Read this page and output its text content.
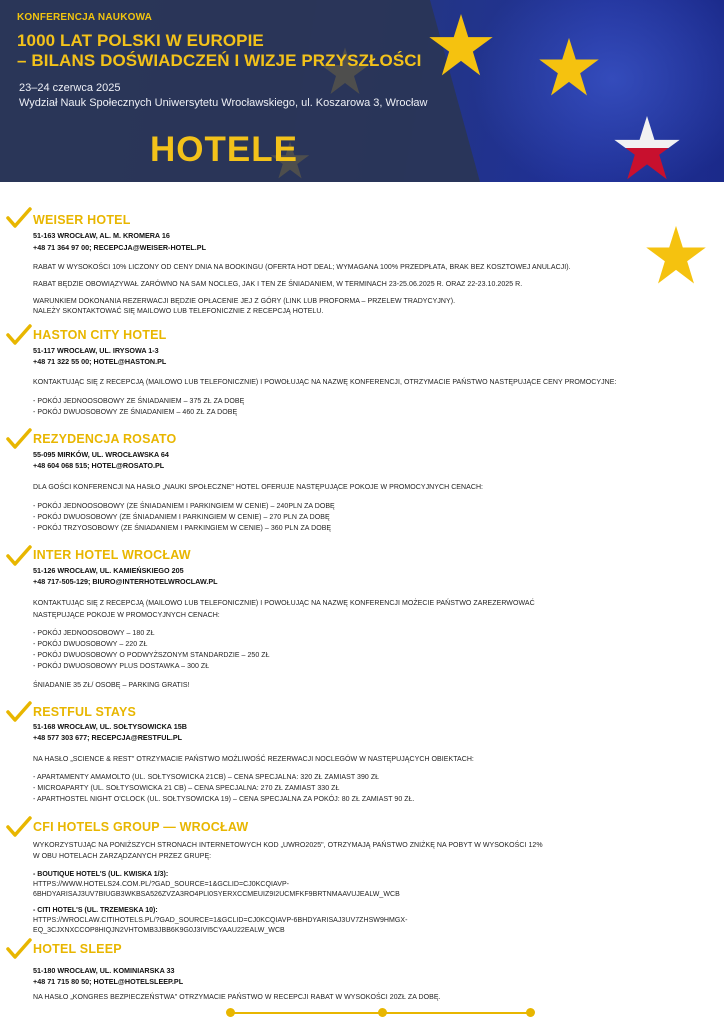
KONFERENCJA NAUKOWA
1000 LAT POLSKI W EUROPIE
– BILANS DOŚWIADCZEŃ I WIZJE PRZYSZŁOŚCI
23–24 czerwca 2025
Wydział Nauk Społecznych Uniwersytetu Wrocławskiego, ul. Koszarowa 3, Wrocław
HOTELE
WEISER HOTEL
51-163 WROCŁAW, AL. M. KROMERA 16
+48 71 364 97 00; RECEPCJA@WEISER-HOTEL.PL
RABAT W WYSOKOŚCI 10% LICZONY OD CENY DNIA NA BOOKINGU (OFERTA HOT DEAL; WYMAGANA 100% PRZEDPŁATA, BRAK BEZ KOSZTOWEJ ANULACJI).
RABAT BĘDZIE OBOWIĄZYWAŁ ZARÓWNO NA SAM NOCLEG, JAK I TEN ZE ŚNIADANIEM, W TERMINACH 23-25.06.2025 R. ORAZ 22-23.10.2025 R.
WARUNKIEM DOKONANIA REZERWACJI BĘDZIE OPŁACENIE JEJ Z GÓRY (LINK LUB PROFORMA – PRZELEW TRADYCYJNY).
NALEŻY SKONTAKTOWAĆ SIĘ MAILOWO LUB TELEFONICZNIE Z RECEPCJĄ HOTELU.
HASTON CITY HOTEL
51-117 WROCŁAW, UL. IRYSOWA 1-3
+48 71 322 55 00; HOTEL@HASTON.PL
KONTAKTUJĄC SIĘ Z RECEPCJĄ (MAILOWO LUB TELEFONICZNIE) I POWOŁUJĄC NA NAZWĘ KONFERENCJI, OTRZYMACIE PAŃSTWO NASTĘPUJĄCE CENY PROMOCYJNE:
- POKÓJ JEDNOOSOBOWY ZE ŚNIADANIEM – 375 ZŁ ZA DOBĘ
- POKÓJ DWUOSOBOWY ZE ŚNIADANIEM – 460 ZŁ ZA DOBĘ
REZYDENCJA ROSATO
55-095 MIRKÓW, UL. WROCŁAWSKA 64
+48 604 068 515; HOTEL@ROSATO.PL
DLA GOŚCI KONFERENCJI NA HASŁO „NAUKI SPOŁECZNE" HOTEL OFERUJE NASTĘPUJĄCE POKOJE W PROMOCYJNYCH CENACH:
- POKÓJ JEDNOOSOBOWY (ZE ŚNIADANIEM I PARKINGIEM W CENIE) – 240PLN ZA DOBĘ
- POKÓJ DWUOSOBOWY (ZE ŚNIADANIEM I PARKINGIEM W CENIE) – 270 PLN ZA DOBĘ
- POKÓJ TRZYOSOBOWY (ZE ŚNIADANIEM I PARKINGIEM W CENIE) – 360 PLN ZA DOBĘ
INTER HOTEL WROCŁAW
51-126 WROCŁAW, UL. KAMIEŃSKIEGO 205
+48 717-505-129; BIURO@INTERHOTELWROCLAW.PL
KONTAKTUJĄC SIĘ Z RECEPCJĄ (MAILOWO LUB TELEFONICZNIE) I POWOŁUJĄC NA NAZWĘ KONFERENCJI MOŻECIE PAŃSTWO ZAREZERWOWAĆ
NASTĘPUJĄCE POKOJE W PROMOCYJNYCH CENACH:
- POKÓJ JEDNOOSOBOWY – 180 ZŁ
- POKÓJ DWUOSOBOWY – 220 ZŁ
- POKÓJ DWUOSOBOWY O PODWYŻSZONYM STANDARDZIE – 250 ZŁ
- POKÓJ DWUOSOBOWY PLUS DOSTAWKA – 300 ZŁ
ŚNIADANIE 35 ZŁ/ OSOBĘ – PARKING GRATIS!
RESTFUL STAYS
51-168 WROCŁAW, UL. SOŁTYSOWICKA 15B
+48 577 303 677; RECEPCJA@RESTFUL.PL
NA HASŁO „SCIENCE & REST" OTRZYMACIE PAŃSTWO MOŻLIWOŚĆ REZERWACJI NOCLEGÓW W NASTĘPUJĄCYCH OBIEKTACH:
- APARTAMENTY AMAMOLTO (UL. SOŁTYSOWICKA 21CB) – CENA SPECJALNA: 320 ZŁ ZAMIAST 390 ZŁ
- MICROAPARTY (UL. SOŁTYSOWICKA 21 CB) – CENA SPECJALNA: 270 ZŁ ZAMIAST 330 ZŁ
- APARTHOSTEL NIGHT O'CLOCK (UL. SOŁTYSOWICKA 19) – CENA SPECJALNA ZA POKÓJ: 80 ZŁ ZAMIAST 90 ZŁ.
CFI HOTELS GROUP — WROCŁAW
WYKORZYSTUJĄC NA PONIŻSZYCH STRONACH INTERNETOWYCH KOD „UWRO2025", OTRZYMAJĄ PAŃSTWO ZNIŻKĘ NA POBYT W WYSOKOŚCI 12%
W OBU HOTELACH ZARZĄDZANYCH PRZEZ GRUPĘ:
- BOUTIQUE HOTEL'S (UL. KWISKA 1/3):
HTTPS://WWW.HOTELS24.COM.PL/?GAD_SOURCE=1&GCLID=CJ0KCQIAVP-
6BHDYARISAJ3UV7BIUGB3WKBSA526ZVZA3RO4PLI0SYERXCCMEUIZ9I2UCMFKF9BRTNMAAVUJEALW_WCB
- CITI HOTEL'S (UL. TRZEMESKA 10):
HTTPS://WROCLAW.CITIHOTELS.PL/?GAD_SOURCE=1&GCLID=CJ0KCQIAVP-6BHDYARISAJ3UV7ZHSW9HMGX-
EQ_3CJXNXCCOP8HIQJN2VHTOMB3JBB6K9G0J3IVI5CYAAU22EALW_WCB
HOTEL SLEEP
51-180 WROCŁAW, UL. KOMINIARSKA 33
+48 71 715 80 50; HOTEL@HOTELSLEEP.PL
NA HASŁO „KONGRES BEZPIECZEŃSTWA" OTRZYMACIE PAŃSTWO W RECEPCJI RABAT W WYSOKOŚCI 20ZŁ ZA DOBĘ.
